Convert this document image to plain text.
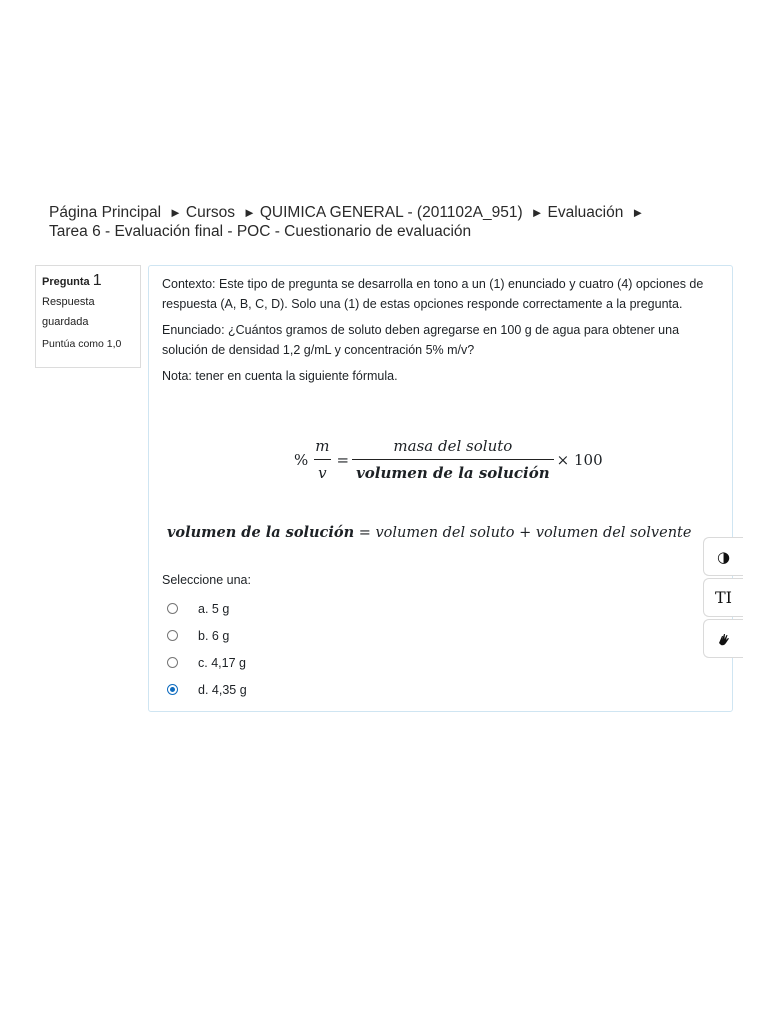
Página Principal ► Cursos ► QUIMICA GENERAL - (201102A_951) ► Evaluación ► Tarea 6 - Evaluación final - POC - Cuestionario de evaluación
Pregunta 1
Respuesta guardada
Puntúa como 1,0

Contexto: Este tipo de pregunta se desarrolla en tono a un (1) enunciado y cuatro (4) opciones de respuesta (A, B, C, D). Solo una (1) de estas opciones responde correctamente a la pregunta.

Enunciado: ¿Cuántos gramos de soluto deben agregarse en 100 g de agua para obtener una solución de densidad 1,2 g/mL y concentración 5% m/v?

Nota: tener en cuenta la siguiente fórmula.

% $\frac{m}{v} = \frac{\text{masa del soluto}}{\text{volumen de la solución}} \times 100$
volumen de la solución = volumen del soluto + volumen del solvente
Seleccione una:
a. 5 g
b. 6 g
c. 4,17 g
d. 4,35 g
◑
TI
